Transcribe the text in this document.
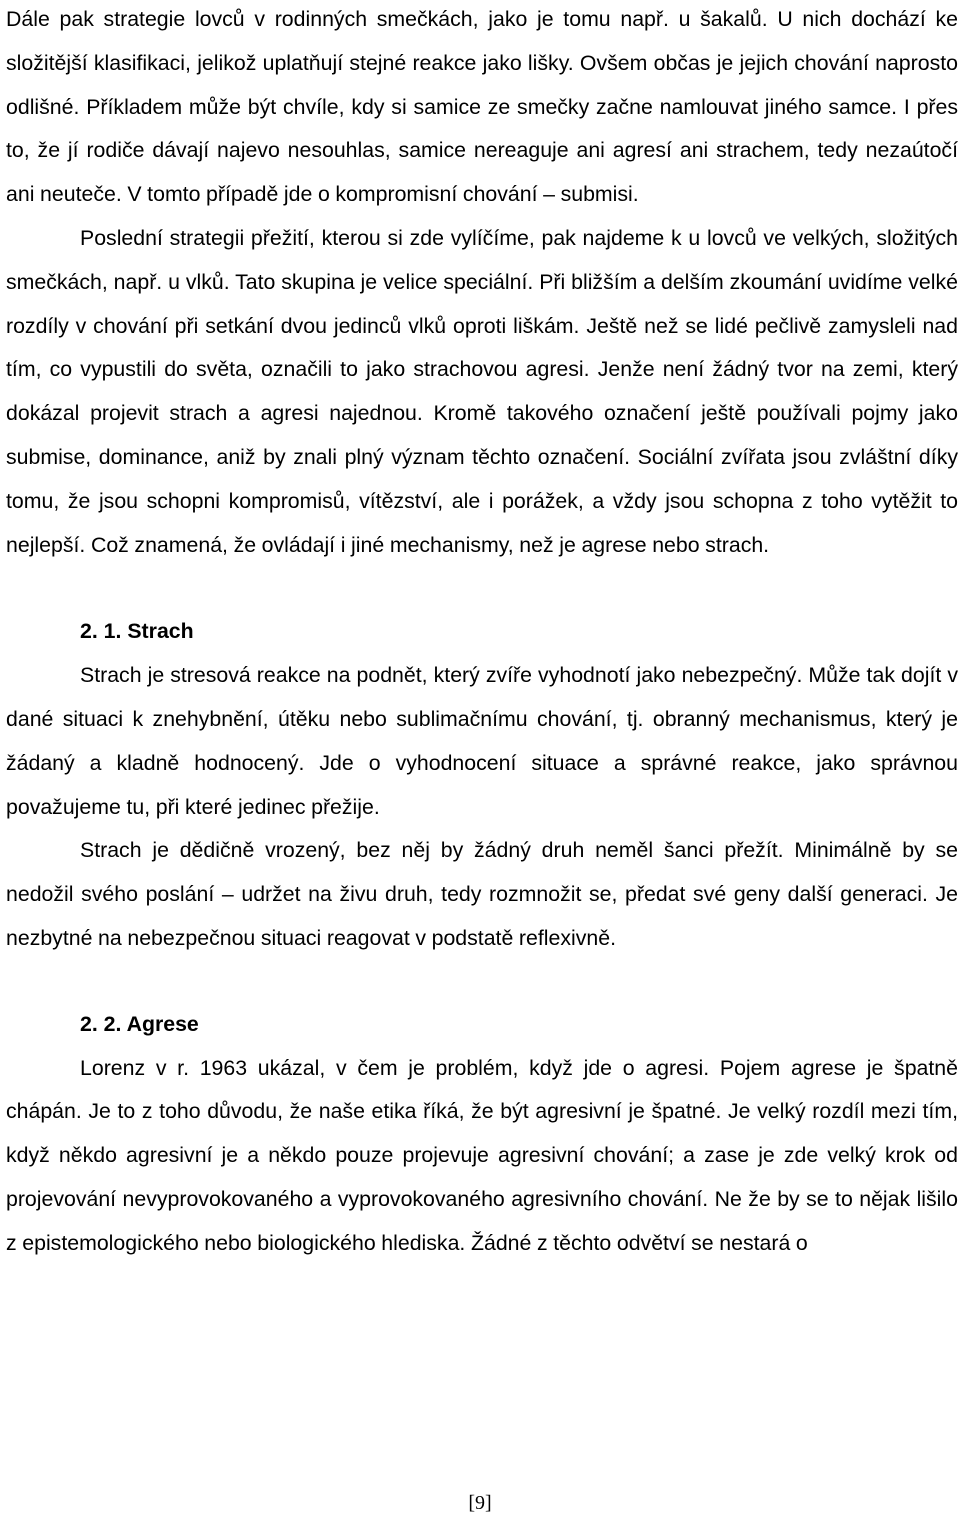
Dále pak strategie lovců v rodinných smečkách, jako je tomu např. u šakalů. U nich dochází ke složitější klasifikaci, jelikož uplatňují stejné reakce jako lišky. Ovšem občas je jejich chování naprosto odlišné. Příkladem může být chvíle, kdy si samice ze smečky začne namlouvat jiného samce. I přes to, že jí rodiče dávají najevo nesouhlas, samice nereaguje ani agresí ani strachem, tedy nezaútočí ani neuteče. V tomto případě jde o kompromisní chování – submisi.

Poslední strategii přežití, kterou si zde vylíčíme, pak najdeme k u lovců ve velkých, složitých smečkách, např. u vlků. Tato skupina je velice speciální. Při bližším a delším zkoumání uvidíme velké rozdíly v chování při setkání dvou jedinců vlků oproti liškám. Ještě než se lidé pečlivě zamysleli nad tím, co vypustili do světa, označili to jako strachovou agresi. Jenže není žádný tvor na zemi, který dokázal projevit strach a agresi najednou. Kromě takového označení ještě používali pojmy jako submise, dominance, aniž by znali plný význam těchto označení. Sociální zvířata jsou zvláštní díky tomu, že jsou schopni kompromisů, vítězství, ale i porážek, a vždy jsou schopna z toho vytěžit to nejlepší. Což znamená, že ovládají i jiné mechanismy, než je agrese nebo strach.

2. 1. Strach

Strach je stresová reakce na podnět, který zvíře vyhodnotí jako nebezpečný. Může tak dojít v dané situaci k znehybnění, útěku nebo sublimačnímu chování, tj. obranný mechanismus, který je žádaný a kladně hodnocený. Jde o vyhodnocení situace a správné reakce, jako správnou považujeme tu, při které jedinec přežije.

Strach je dědičně vrozený, bez něj by žádný druh neměl šanci přežít. Minimálně by se nedožil svého poslání – udržet na živu druh, tedy rozmnožit se, předat své geny další generaci. Je nezbytné na nebezpečnou situaci reagovat v podstatě reflexivně.

2. 2. Agrese

Lorenz v r. 1963 ukázal, v čem je problém, když jde o agresi. Pojem agrese je špatně chápán. Je to z toho důvodu, že naše etika říká, že být agresivní je špatné. Je velký rozdíl mezi tím, když někdo agresivní je a někdo pouze projevuje agresivní chování; a zase je zde velký krok od projevování nevyprovokovaného a vyprovokovaného agresivního chování. Ne že by se to nějak lišilo z epistemologického nebo biologického hlediska. Žádné z těchto odvětví se nestará o

[9]
